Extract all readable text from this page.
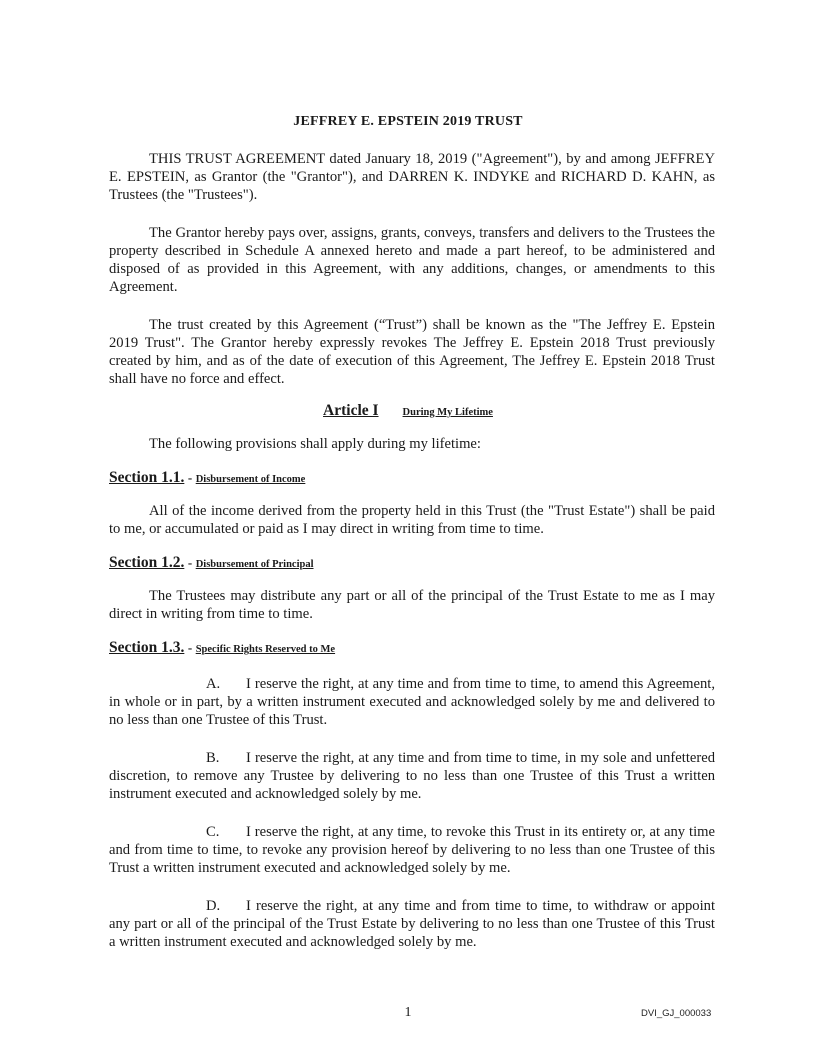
JEFFREY E. EPSTEIN 2019 TRUST

THIS TRUST AGREEMENT dated January 18, 2019 ("Agreement"), by and among JEFFREY E. EPSTEIN, as Grantor (the "Grantor"), and DARREN K. INDYKE and RICHARD D. KAHN, as Trustees (the "Trustees").

The Grantor hereby pays over, assigns, grants, conveys, transfers and delivers to the Trustees the property described in Schedule A annexed hereto and made a part hereof, to be administered and disposed of as provided in this Agreement, with any additions, changes, or amendments to this Agreement.

The trust created by this Agreement (“Trust”) shall be known as the "The Jeffrey E. Epstein 2019 Trust". The Grantor hereby expressly revokes The Jeffrey E. Epstein 2018 Trust previously created by him, and as of the date of execution of this Agreement, The Jeffrey E. Epstein 2018 Trust shall have no force and effect.

Article I During My Lifetime

The following provisions shall apply during my lifetime:

Section 1.1. - Disbursement of Income

All of the income derived from the property held in this Trust (the "Trust Estate") shall be paid to me, or accumulated or paid as I may direct in writing from time to time.

Section 1.2. - Disbursement of Principal

The Trustees may distribute any part or all of the principal of the Trust Estate to me as I may direct in writing from time to time.

Section 1.3. - Specific Rights Reserved to Me

A. I reserve the right, at any time and from time to time, to amend this Agreement, in whole or in part, by a written instrument executed and acknowledged solely by me and delivered to no less than one Trustee of this Trust.

B. I reserve the right, at any time and from time to time, in my sole and unfettered discretion, to remove any Trustee by delivering to no less than one Trustee of this Trust a written instrument executed and acknowledged solely by me.

C. I reserve the right, at any time, to revoke this Trust in its entirety or, at any time and from time to time, to revoke any provision hereof by delivering to no less than one Trustee of this Trust a written instrument executed and acknowledged solely by me.

D. I reserve the right, at any time and from time to time, to withdraw or appoint any part or all of the principal of the Trust Estate by delivering to no less than one Trustee of this Trust a written instrument executed and acknowledged solely by me.

1	DVI_GJ_000033
